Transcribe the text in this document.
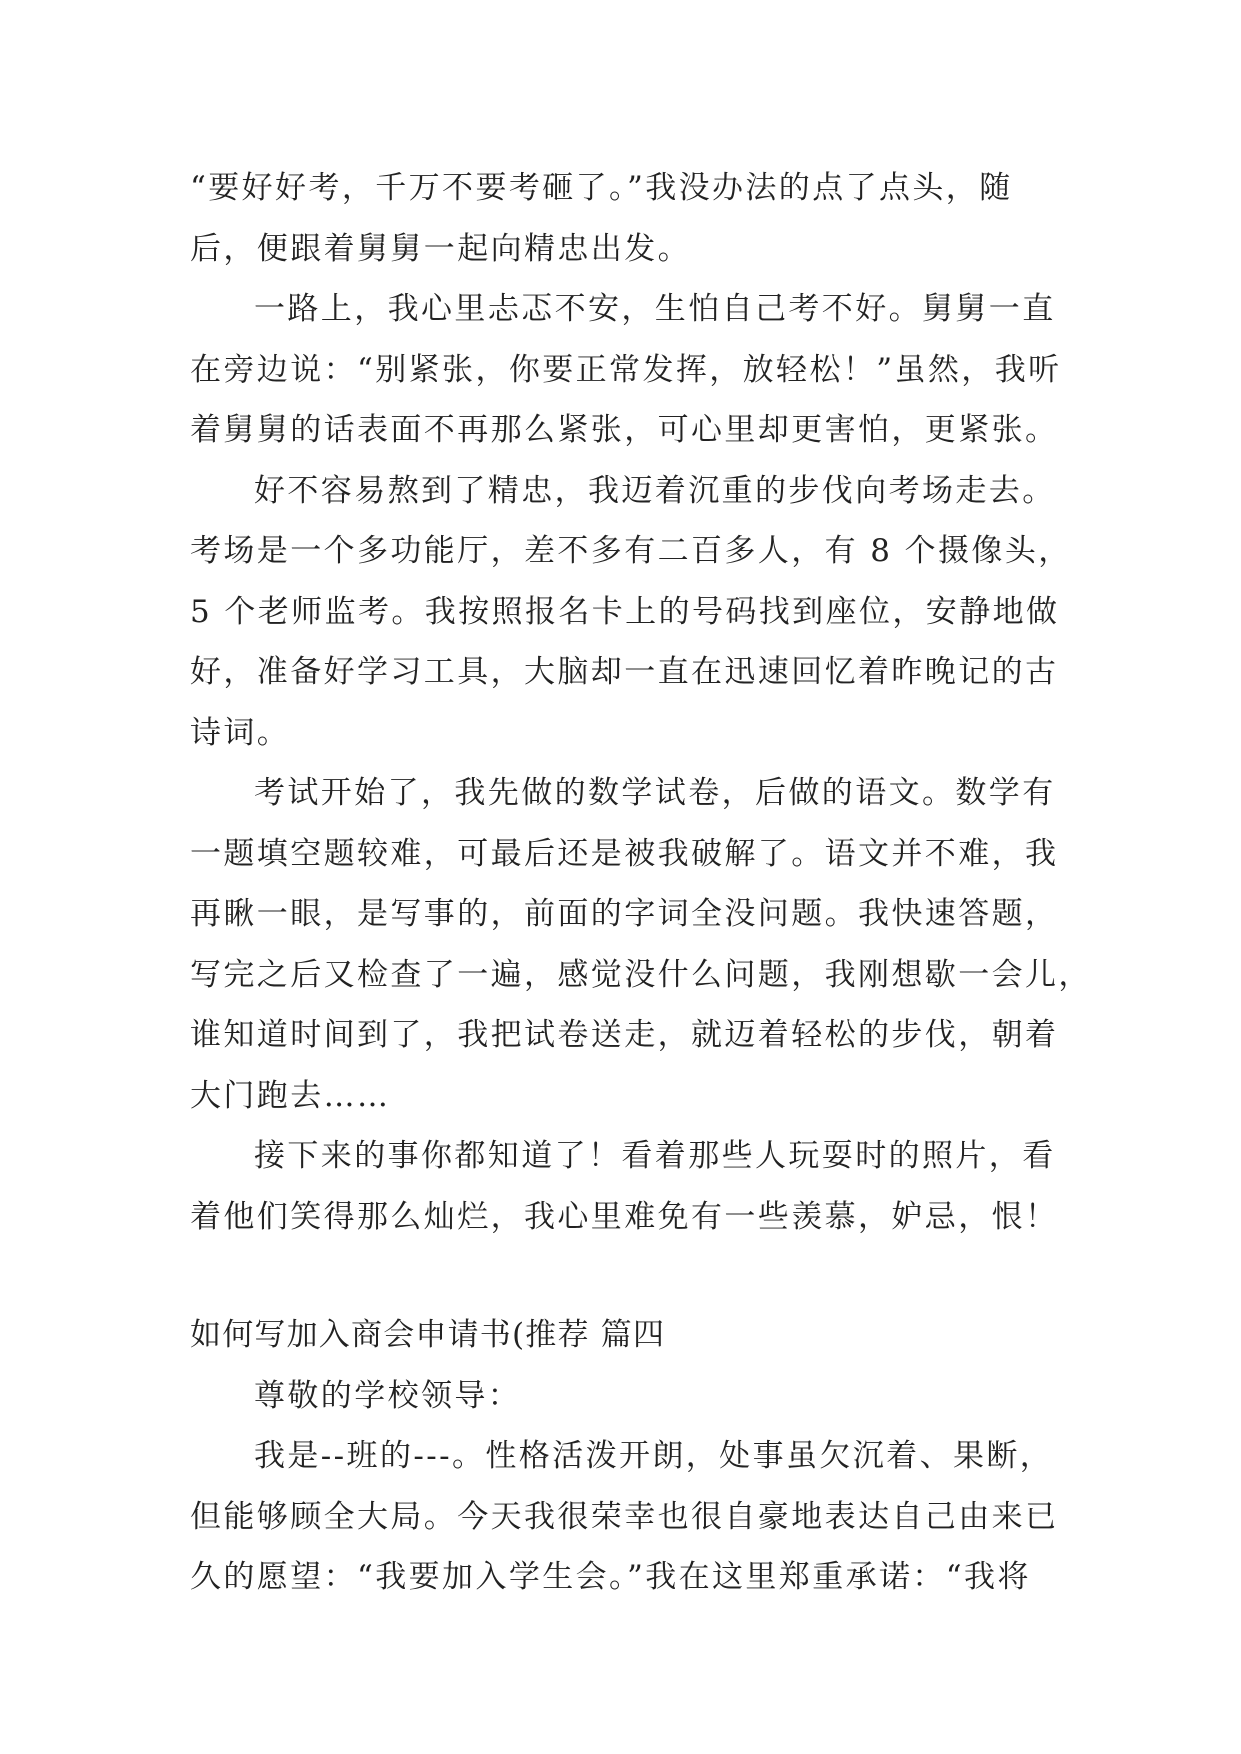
“要好好考，千万不要考砸了。”我没办法的点了点头，随
后，便跟着舅舅一起向精忠出发。
一路上，我心里忐忑不安，生怕自己考不好。舅舅一直
在旁边说：“别紧张，你要正常发挥，放轻松！”虽然，我听
着舅舅的话表面不再那么紧张，可心里却更害怕，更紧张。
好不容易熬到了精忠，我迈着沉重的步伐向考场走去。
考场是一个多功能厅，差不多有二百多人，有 8 个摄像头，
5 个老师监考。我按照报名卡上的号码找到座位，安静地做
好，准备好学习工具，大脑却一直在迅速回忆着昨晚记的古
诗词。
考试开始了，我先做的数学试卷，后做的语文。数学有
一题填空题较难，可最后还是被我破解了。语文并不难，我
再瞅一眼，是写事的，前面的字词全没问题。我快速答题，
写完之后又检查了一遍，感觉没什么问题，我刚想歇一会儿，
谁知道时间到了，我把试卷送走，就迈着轻松的步伐，朝着
大门跑去……
接下来的事你都知道了！看着那些人玩耍时的照片，看
着他们笑得那么灿烂，我心里难免有一些羡慕，妒忌，恨！
如何写加入商会申请书(推荐 篇四
尊敬的学校领导：
我是--班的---。性格活泼开朗，处事虽欠沉着、果断，
但能够顾全大局。今天我很荣幸也很自豪地表达自己由来已
久的愿望：“我要加入学生会。”我在这里郑重承诺：“我将
